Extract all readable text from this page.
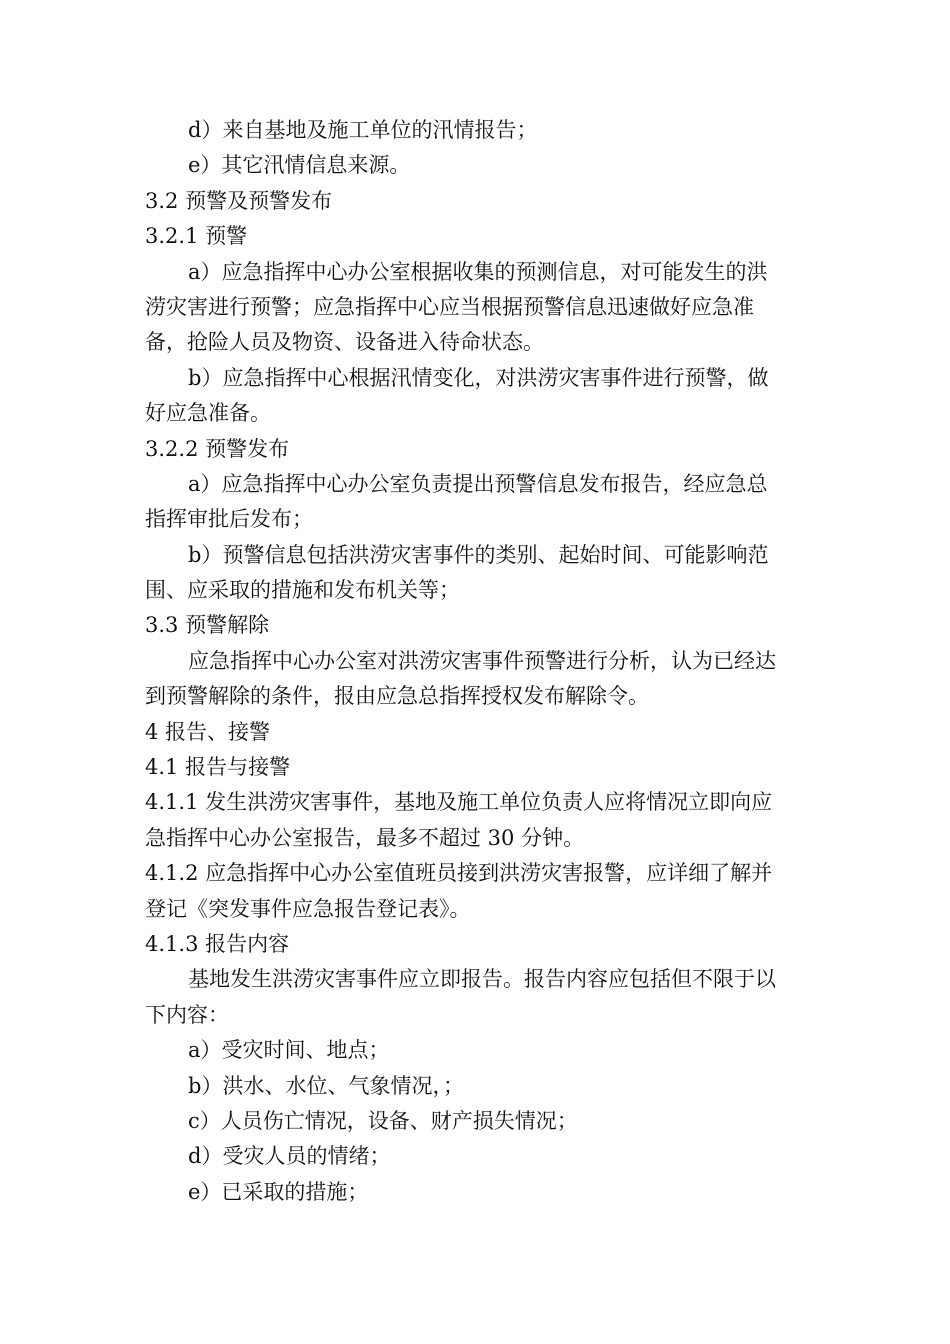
d）来自基地及施工单位的汛情报告；
e）其它汛情信息来源。
3.2 预警及预警发布
3.2.1 预警
a）应急指挥中心办公室根据收集的预测信息，对可能发生的洪
涝灾害进行预警；应急指挥中心应当根据预警信息迅速做好应急准
备，抢险人员及物资、设备进入待命状态。
b）应急指挥中心根据汛情变化，对洪涝灾害事件进行预警，做
好应急准备。
3.2.2 预警发布
a）应急指挥中心办公室负责提出预警信息发布报告，经应急总
指挥审批后发布；
b）预警信息包括洪涝灾害事件的类别、起始时间、可能影响范
围、应采取的措施和发布机关等；
3.3 预警解除
应急指挥中心办公室对洪涝灾害事件预警进行分析，认为已经达
到预警解除的条件，报由应急总指挥授权发布解除令。
4 报告、接警
4.1 报告与接警
4.1.1 发生洪涝灾害事件，基地及施工单位负责人应将情况立即向应
急指挥中心办公室报告，最多不超过 30 分钟。
4.1.2 应急指挥中心办公室值班员接到洪涝灾害报警，应详细了解并
登记《突发事件应急报告登记表》。
4.1.3 报告内容
基地发生洪涝灾害事件应立即报告。报告内容应包括但不限于以
下内容：
a）受灾时间、地点；
b）洪水、水位、气象情况，；
c）人员伤亡情况，设备、财产损失情况；
d）受灾人员的情绪；
e）已采取的措施；
